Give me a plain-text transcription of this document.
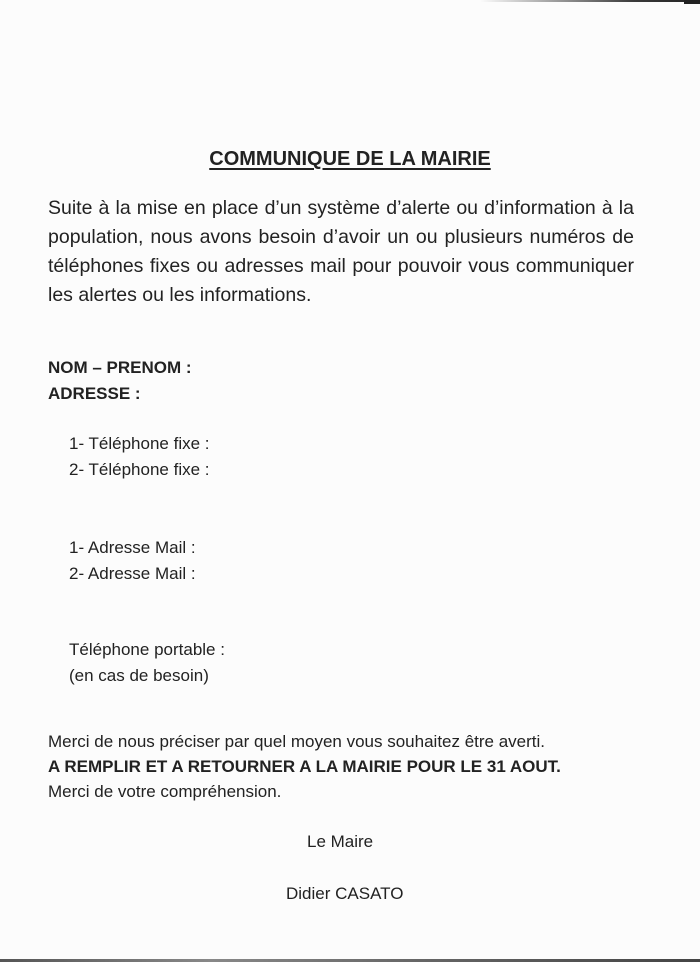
COMMUNIQUE DE LA MAIRIE
Suite à la mise en place d’un système d’alerte ou d’information à la population, nous avons besoin d’avoir un ou plusieurs numéros de téléphones fixes ou adresses mail pour pouvoir vous communiquer les alertes ou les informations.
NOM – PRENOM :
ADRESSE :
1- Téléphone fixe :
2- Téléphone fixe :
1- Adresse Mail :
2- Adresse Mail :
Téléphone portable :
(en cas de besoin)
Merci de nous préciser par quel moyen vous souhaitez être averti.
A REMPLIR ET A RETOURNER A LA MAIRIE POUR LE 31 AOUT.
Merci de votre compréhension.
Le Maire
Didier CASATO
